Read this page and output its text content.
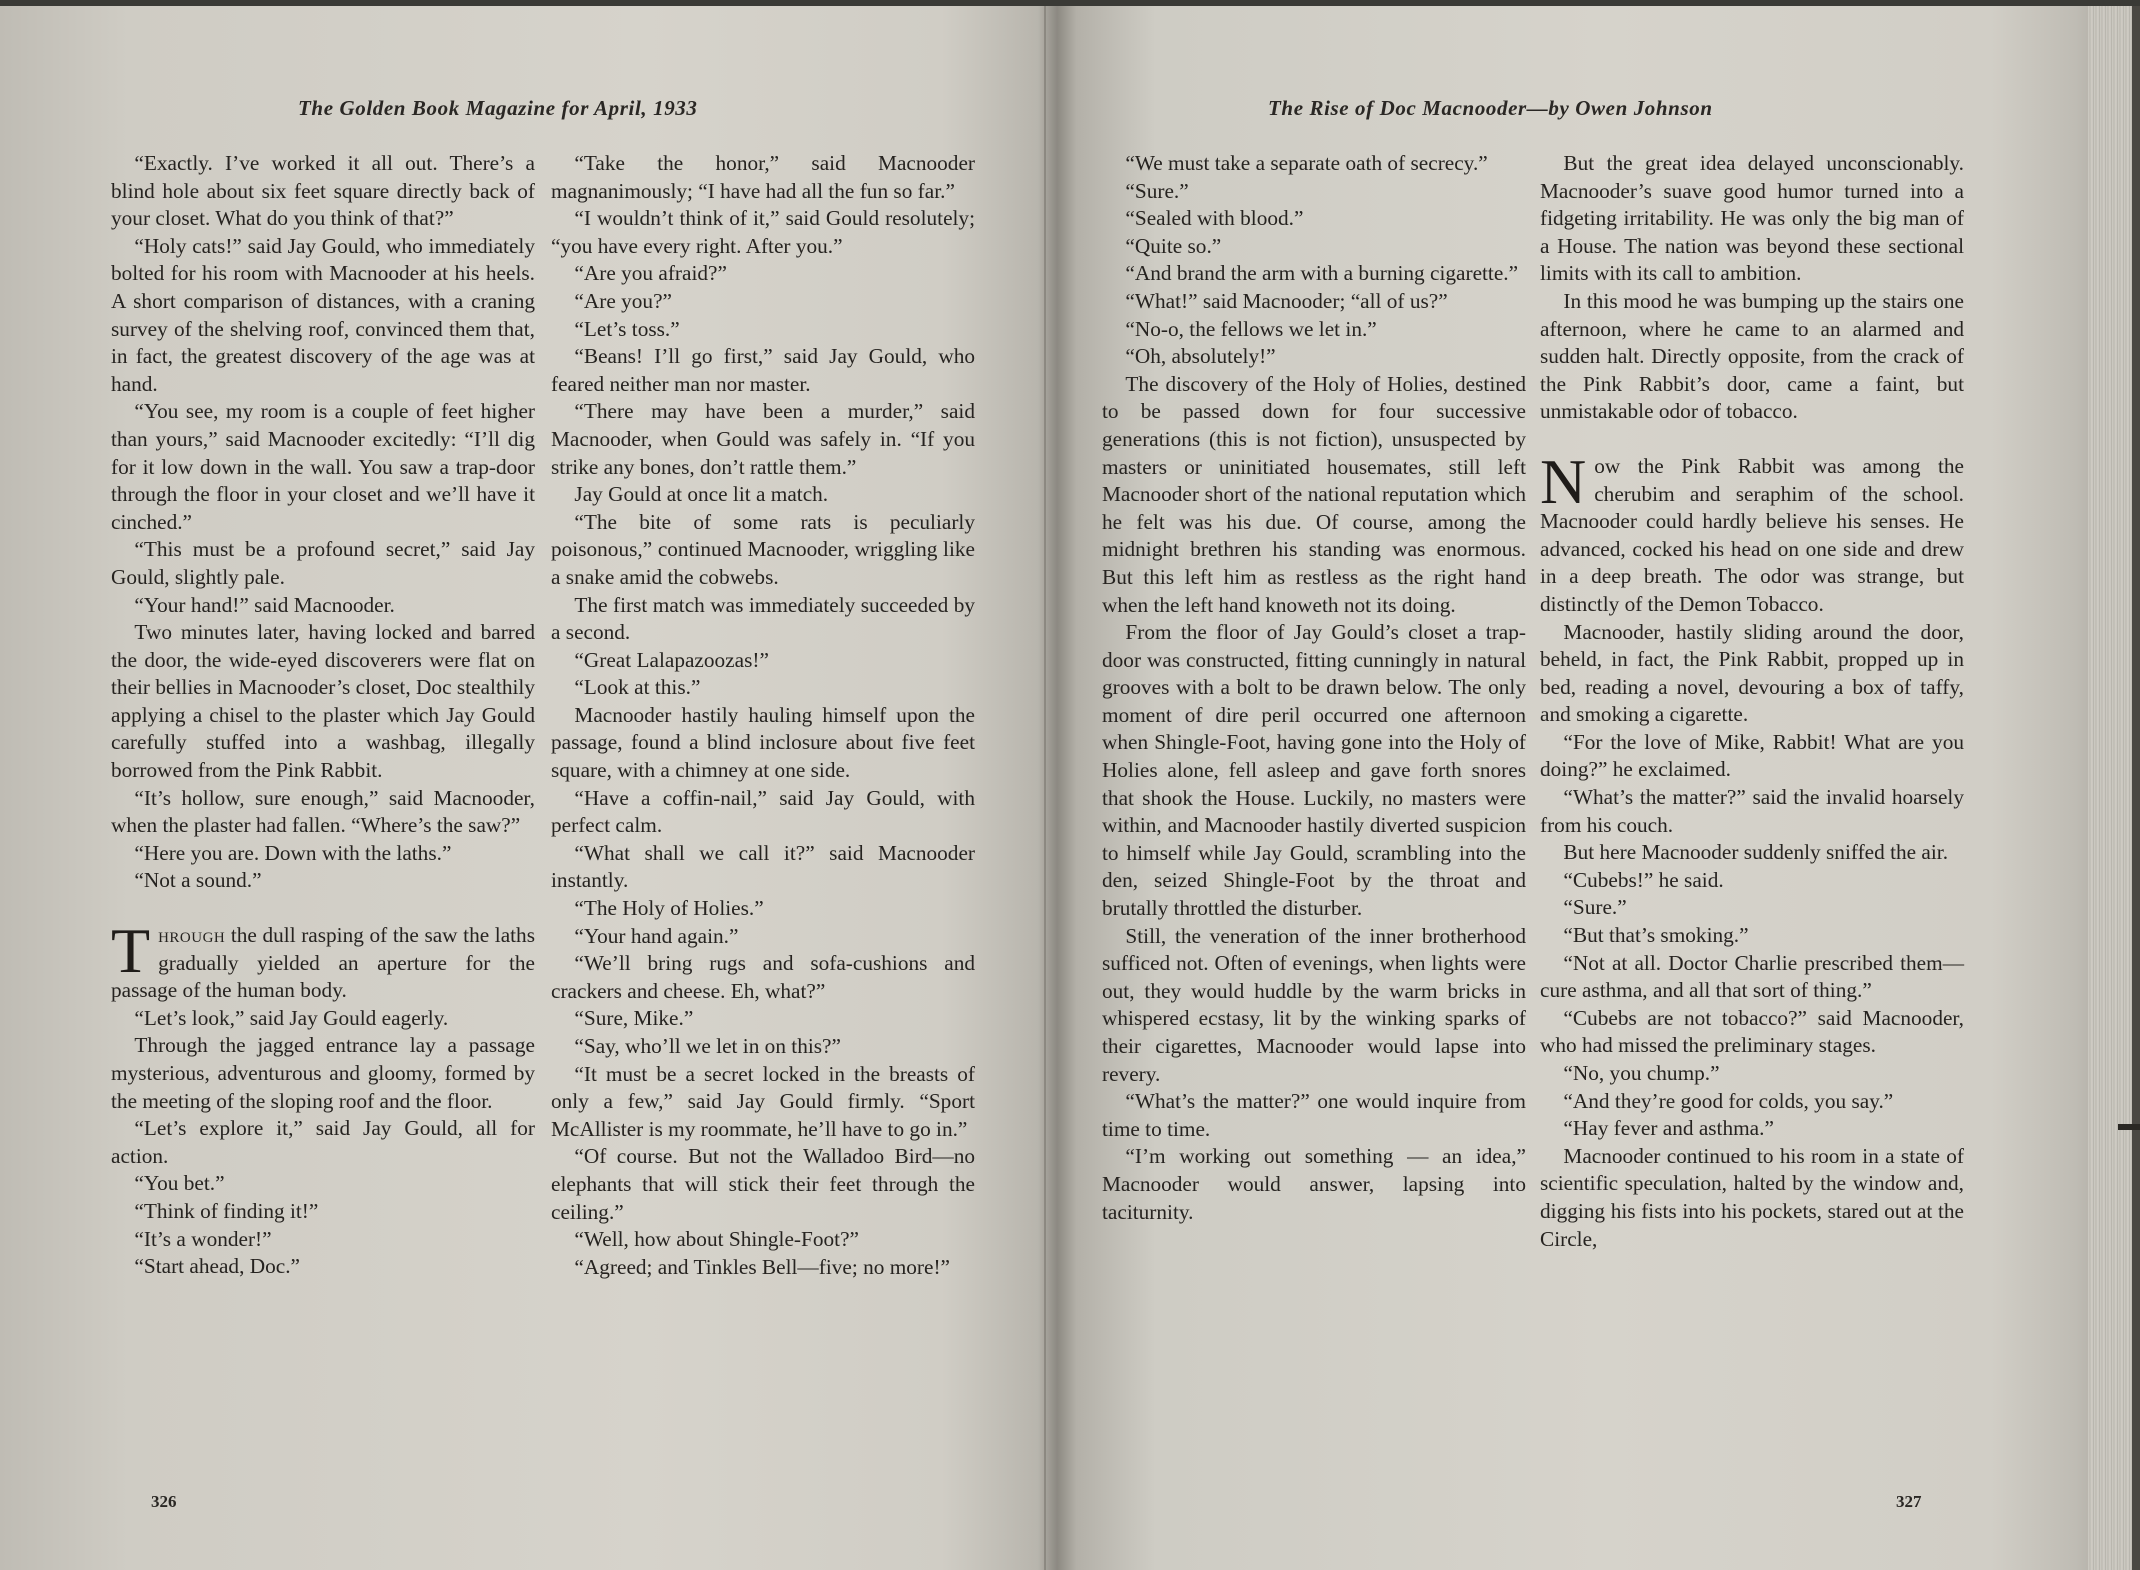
The Golden Book Magazine for April, 1933

“Exactly. I’ve worked it all out. There’s a blind hole about six feet square directly back of your closet. What do you think of that?”

“Holy cats!” said Jay Gould, who immediately bolted for his room with Macnooder at his heels. A short comparison of distances, with a craning survey of the shelving roof, convinced them that, in fact, the greatest discovery of the age was at hand.

“You see, my room is a couple of feet higher than yours,” said Macnooder excitedly: “I’ll dig for it low down in the wall. You saw a trap-door through the floor in your closet and we’ll have it cinched.”

“This must be a profound secret,” said Jay Gould, slightly pale.

“Your hand!” said Macnooder.

Two minutes later, having locked and barred the door, the wide-eyed discoverers were flat on their bellies in Macnooder’s closet, Doc stealthily applying a chisel to the plaster which Jay Gould carefully stuffed into a washbag, illegally borrowed from the Pink Rabbit.

“It’s hollow, sure enough,” said Macnooder, when the plaster had fallen. “Where’s the saw?”

“Here you are. Down with the laths.”

“Not a sound.”

Through the dull rasping of the saw the laths gradually yielded an aperture for the passage of the human body.

“Let’s look,” said Jay Gould eagerly.

Through the jagged entrance lay a passage mysterious, adventurous and gloomy, formed by the meeting of the sloping roof and the floor.

“Let’s explore it,” said Jay Gould, all for action.

“You bet.”

“Think of finding it!”

“It’s a wonder!”

“Start ahead, Doc.”

“Take the honor,” said Macnooder magnanimously; “I have had all the fun so far.”

“I wouldn’t think of it,” said Gould resolutely; “you have every right. After you.”

“Are you afraid?”

“Are you?”

“Let’s toss.”

“Beans! I’ll go first,” said Jay Gould, who feared neither man nor master.

“There may have been a murder,” said Macnooder, when Gould was safely in. “If you strike any bones, don’t rattle them.”

Jay Gould at once lit a match.

“The bite of some rats is peculiarly poisonous,” continued Macnooder, wriggling like a snake amid the cobwebs.

The first match was immediately succeeded by a second.

“Great Lalapazoozas!”

“Look at this.”

Macnooder hastily hauling himself upon the passage, found a blind inclosure about five feet square, with a chimney at one side.

“Have a coffin-nail,” said Jay Gould, with perfect calm.

“What shall we call it?” said Macnooder instantly.

“The Holy of Holies.”

“Your hand again.”

“We’ll bring rugs and sofa-cushions and crackers and cheese. Eh, what?”

“Sure, Mike.”

“Say, who’ll we let in on this?”

“It must be a secret locked in the breasts of only a few,” said Jay Gould firmly. “Sport McAllister is my roommate, he’ll have to go in.”

“Of course. But not the Walladoo Bird—no elephants that will stick their feet through the ceiling.”

“Well, how about Shingle-Foot?”

“Agreed; and Tinkles Bell—five; no more!”

326
The Rise of Doc Macnooder—by Owen Johnson

“We must take a separate oath of secrecy.”

“Sure.”

“Sealed with blood.”

“Quite so.”

“And brand the arm with a burning cigarette.”

“What!” said Macnooder; “all of us?”

“No-o, the fellows we let in.”

“Oh, absolutely!”

The discovery of the Holy of Holies, destined to be passed down for four successive generations (this is not fiction), unsuspected by masters or uninitiated housemates, still left Macnooder short of the national reputation which he felt was his due. Of course, among the midnight brethren his standing was enormous. But this left him as restless as the right hand when the left hand knoweth not its doing.

From the floor of Jay Gould’s closet a trap-door was constructed, fitting cunningly in natural grooves with a bolt to be drawn below. The only moment of dire peril occurred one afternoon when Shingle-Foot, having gone into the Holy of Holies alone, fell asleep and gave forth snores that shook the House. Luckily, no masters were within, and Macnooder hastily diverted suspicion to himself while Jay Gould, scrambling into the den, seized Shingle-Foot by the throat and brutally throttled the disturber.

Still, the veneration of the inner brotherhood sufficed not. Often of evenings, when lights were out, they would huddle by the warm bricks in whispered ecstasy, lit by the winking sparks of their cigarettes, Macnooder would lapse into revery.

“What’s the matter?” one would inquire from time to time.

“I’m working out something — an idea,” Macnooder would answer, lapsing into taciturnity.

But the great idea delayed unconscionably. Macnooder’s suave good humor turned into a fidgeting irritability. He was only the big man of a House. The nation was beyond these sectional limits with its call to ambition.

In this mood he was bumping up the stairs one afternoon, where he came to an alarmed and sudden halt. Directly opposite, from the crack of the Pink Rabbit’s door, came a faint, but unmistakable odor of tobacco.

Now the Pink Rabbit was among the cherubim and seraphim of the school. Macnooder could hardly believe his senses. He advanced, cocked his head on one side and drew in a deep breath. The odor was strange, but distinctly of the Demon Tobacco.

Macnooder, hastily sliding around the door, beheld, in fact, the Pink Rabbit, propped up in bed, reading a novel, devouring a box of taffy, and smoking a cigarette.

“For the love of Mike, Rabbit! What are you doing?” he exclaimed.

“What’s the matter?” said the invalid hoarsely from his couch.

But here Macnooder suddenly sniffed the air.

“Cubebs!” he said.

“Sure.”

“But that’s smoking.”

“Not at all. Doctor Charlie prescribed them—cure asthma, and all that sort of thing.”

“Cubebs are not tobacco?” said Macnooder, who had missed the preliminary stages.

“No, you chump.”

“And they’re good for colds, you say.”

“Hay fever and asthma.”

Macnooder continued to his room in a state of scientific speculation, halted by the window and, digging his fists into his pockets, stared out at the Circle,

327
